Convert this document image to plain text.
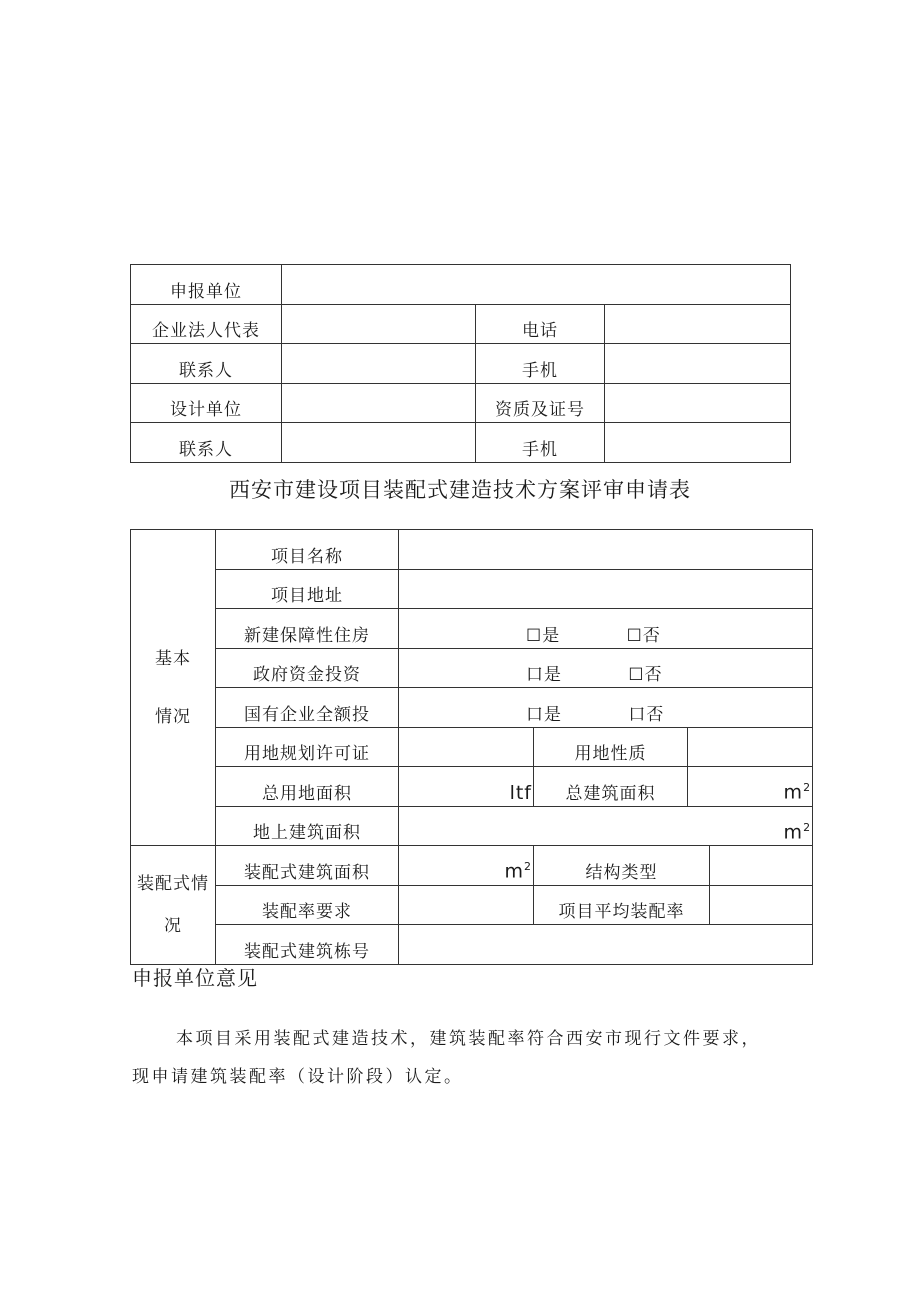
申报单位			

企业法人代表		电话	

联系人		手机	

设计单位		资质及证号	

联系人		手机	

西安市建设项目装配式建造技术方案评审申请表
基本
情况	项目名称				

	项目地址				

	新建保障性住房	☐是 ☐否			

	政府资金投资	口是 ☐否			

	国有企业全额投	口是 口否			

	用地规划许可证		用地性质		

	总用地面积	ltf	总建筑面积	$m^2$

	地上建筑面积	$m^2$

装配式情
况	装配式建筑面积	$m^2$	结构类型		

	装配率要求		项目平均装配率		

	装配式建筑栋号				

申报单位意见

本项目采用装配式建造技术，建筑装配率符合西安市现行文件要求，

现申请建筑装配率（设计阶段）认定。
